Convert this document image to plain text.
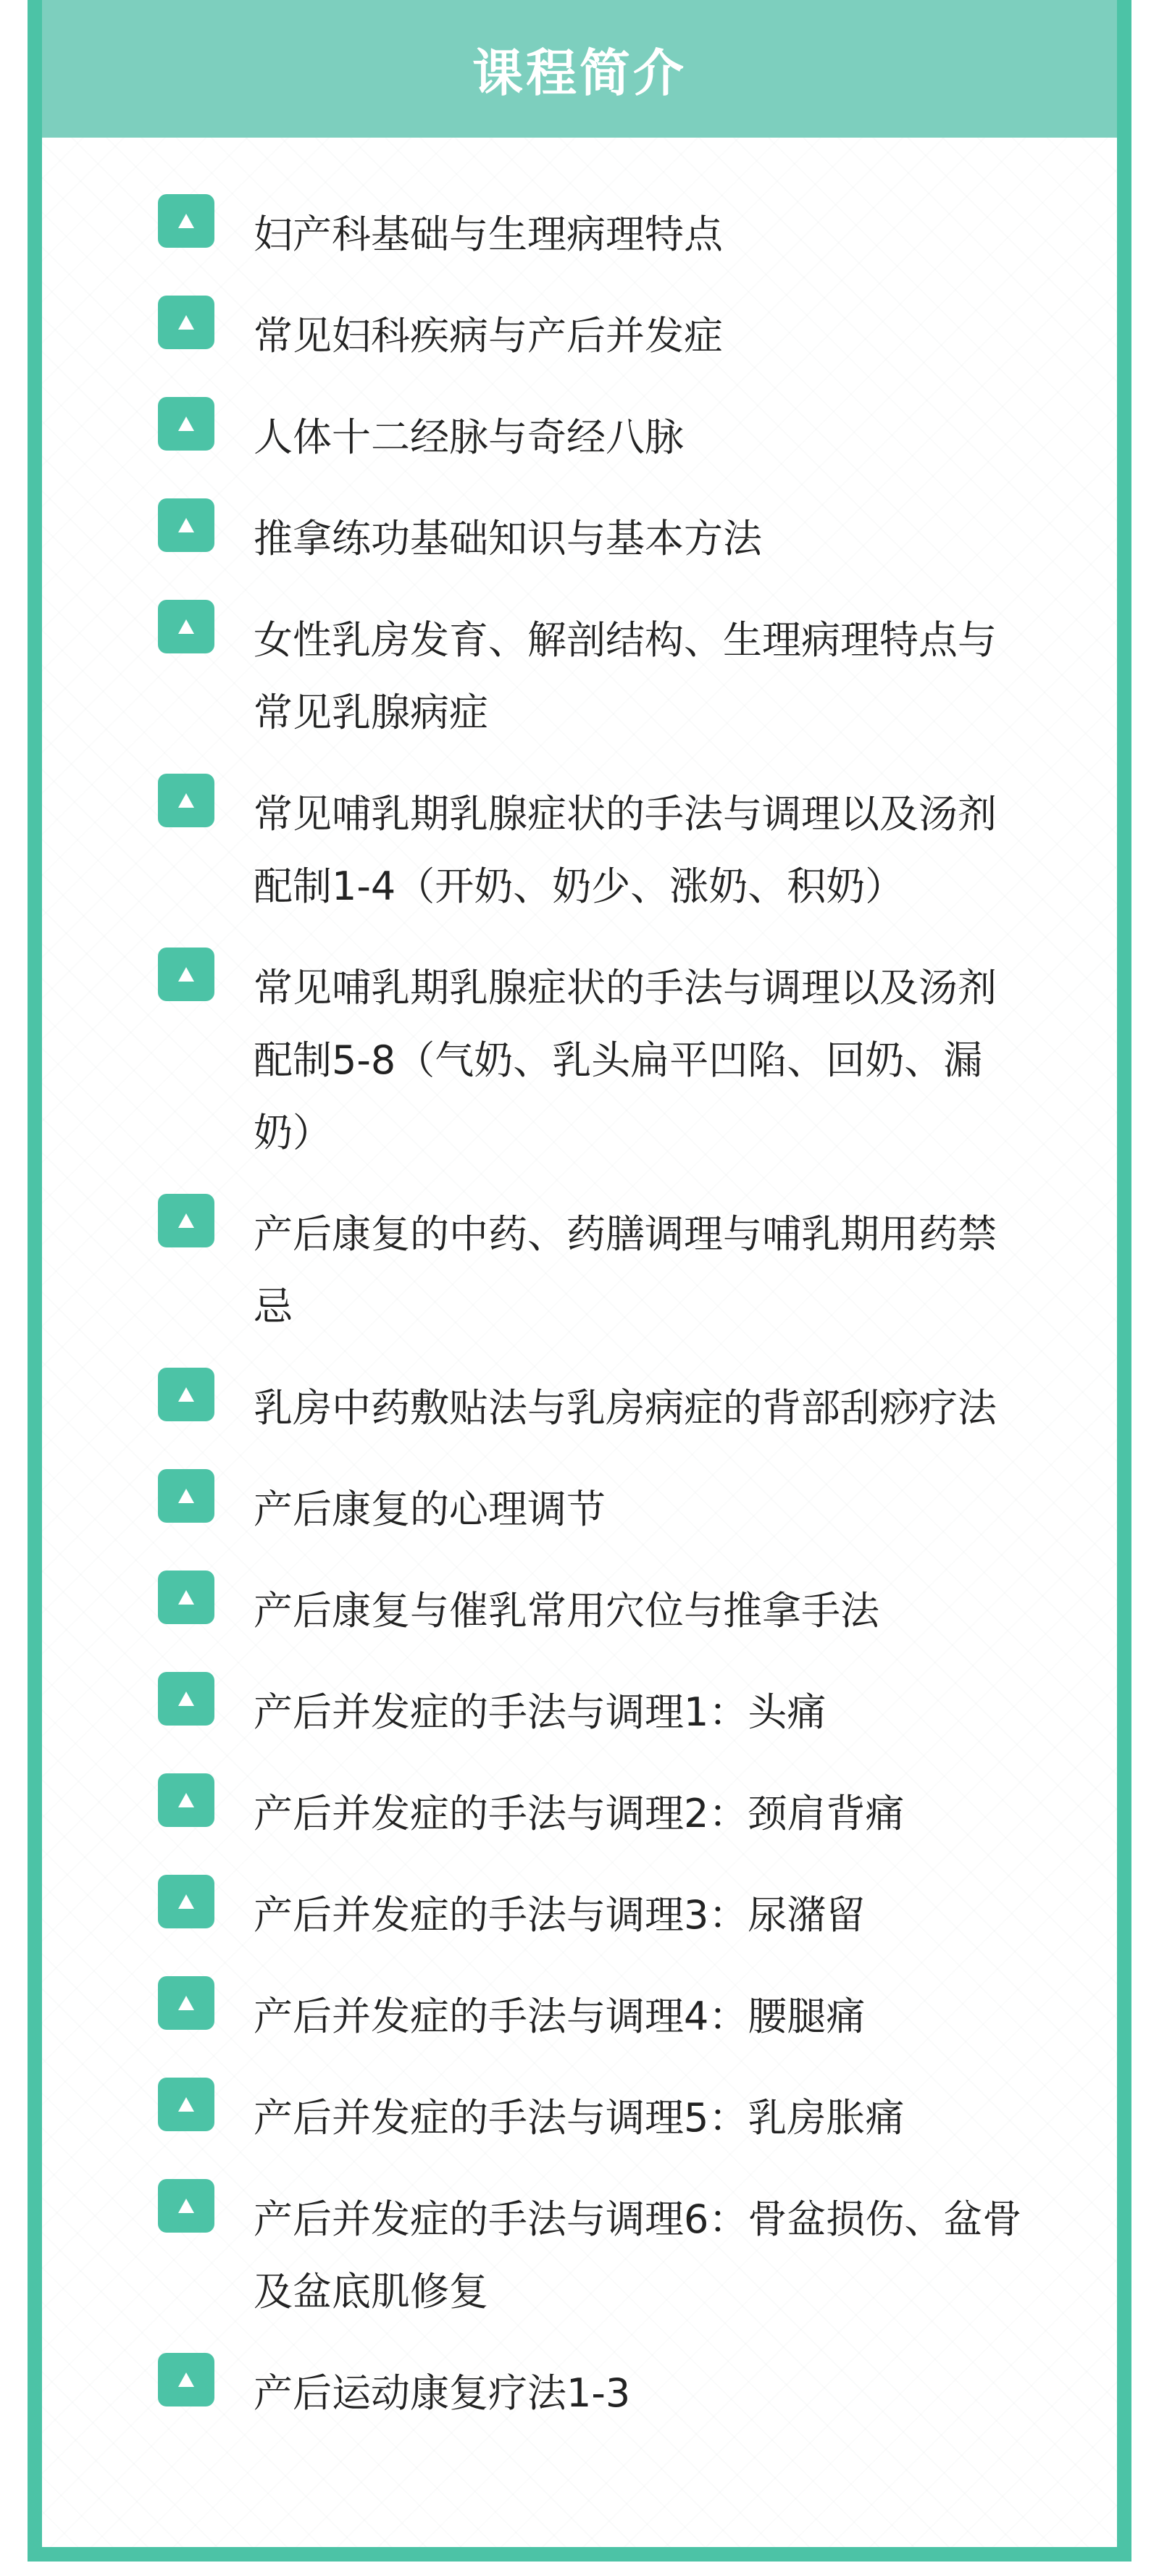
课程简介

妇产科基础与生理病理特点

常见妇科疾病与产后并发症

人体十二经脉与奇经八脉

推拿练功基础知识与基本方法

女性乳房发育、解剖结构、生理病理特点与
常见乳腺病症

常见哺乳期乳腺症状的手法与调理以及汤剂
配制1-4（开奶、奶少、涨奶、积奶）

常见哺乳期乳腺症状的手法与调理以及汤剂
配制5-8（气奶、乳头扁平凹陷、回奶、漏
奶）

产后康复的中药、药膳调理与哺乳期用药禁
忌

乳房中药敷贴法与乳房病症的背部刮痧疗法

产后康复的心理调节

产后康复与催乳常用穴位与推拿手法

产后并发症的手法与调理1：头痛

产后并发症的手法与调理2：颈肩背痛

产后并发症的手法与调理3：尿潴留

产后并发症的手法与调理4：腰腿痛

产后并发症的手法与调理5：乳房胀痛

产后并发症的手法与调理6：骨盆损伤、盆骨
及盆底肌修复

产后运动康复疗法1-3
